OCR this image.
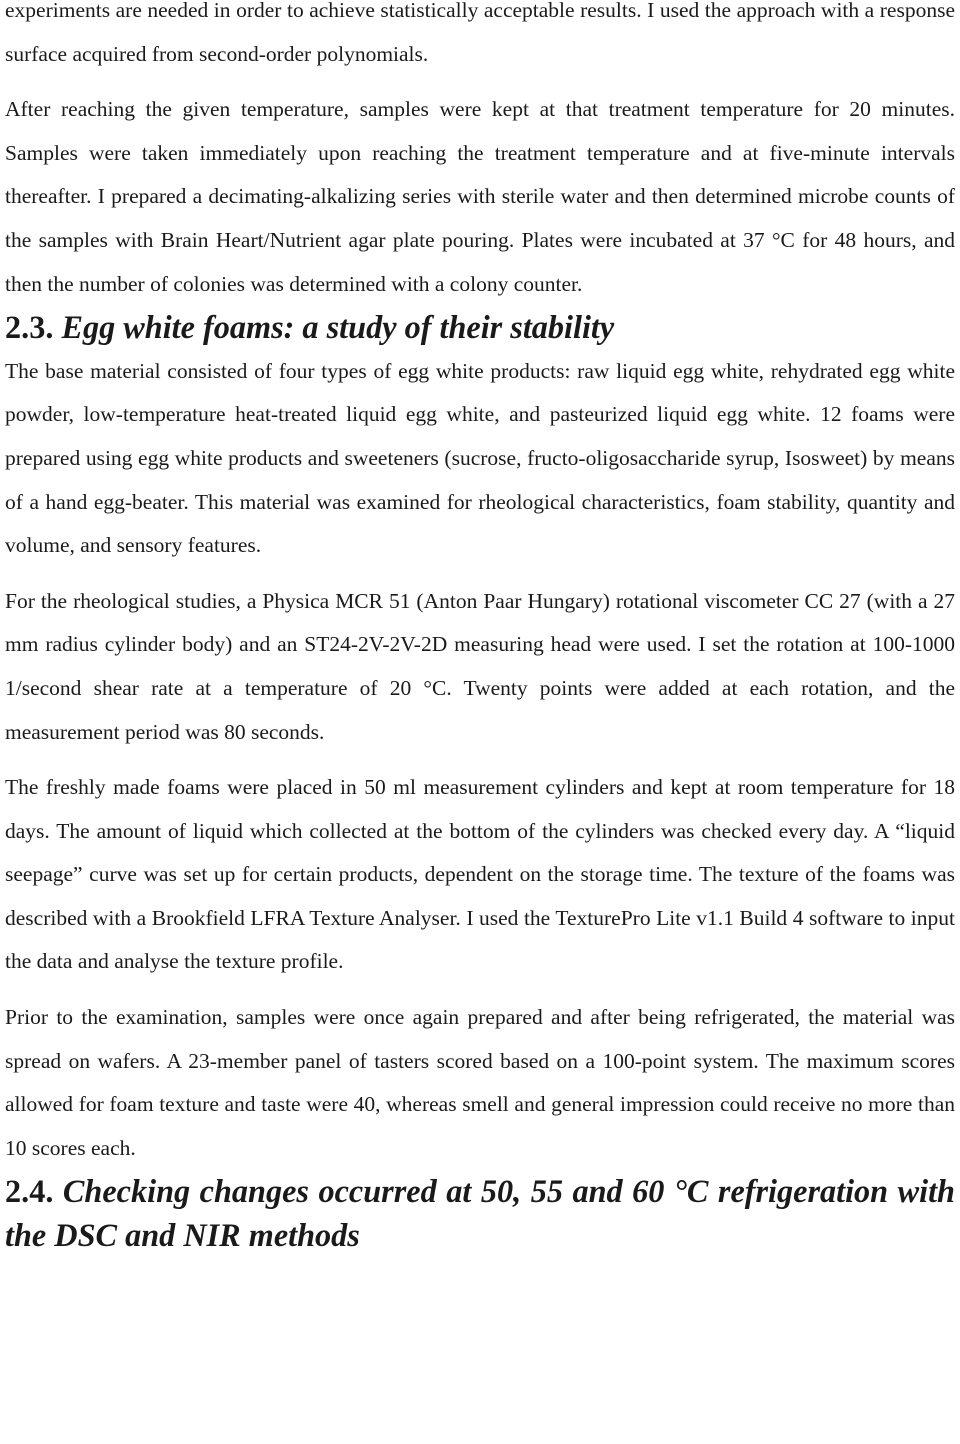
experiments are needed in order to achieve statistically acceptable results. I used the approach with a response surface acquired from second-order polynomials.

After reaching the given temperature, samples were kept at that treatment temperature for 20 minutes. Samples were taken immediately upon reaching the treatment temperature and at five-minute intervals thereafter. I prepared a decimating-alkalizing series with sterile water and then determined microbe counts of the samples with Brain Heart/Nutrient agar plate pouring. Plates were incubated at 37 °C for 48 hours, and then the number of colonies was determined with a colony counter.

2.3. Egg white foams: a study of their stability

The base material consisted of four types of egg white products: raw liquid egg white, rehydrated egg white powder, low-temperature heat-treated liquid egg white, and pasteurized liquid egg white. 12 foams were prepared using egg white products and sweeteners (sucrose, fructo-oligosaccharide syrup, Isosweet) by means of a hand egg-beater. This material was examined for rheological characteristics, foam stability, quantity and volume, and sensory features.

For the rheological studies, a Physica MCR 51 (Anton Paar Hungary) rotational viscometer CC 27 (with a 27 mm radius cylinder body) and an ST24-2V-2V-2D measuring head were used. I set the rotation at 100-1000 1/second shear rate at a temperature of 20 °C. Twenty points were added at each rotation, and the measurement period was 80 seconds.

The freshly made foams were placed in 50 ml measurement cylinders and kept at room temperature for 18 days. The amount of liquid which collected at the bottom of the cylinders was checked every day. A “liquid seepage” curve was set up for certain products, dependent on the storage time. The texture of the foams was described with a Brookfield LFRA Texture Analyser. I used the TexturePro Lite v1.1 Build 4 software to input the data and analyse the texture profile.

Prior to the examination, samples were once again prepared and after being refrigerated, the material was spread on wafers. A 23-member panel of tasters scored based on a 100-point system. The maximum scores allowed for foam texture and taste were 40, whereas smell and general impression could receive no more than 10 scores each.

2.4. Checking changes occurred at 50, 55 and 60 °C refrigeration with the DSC and NIR methods
